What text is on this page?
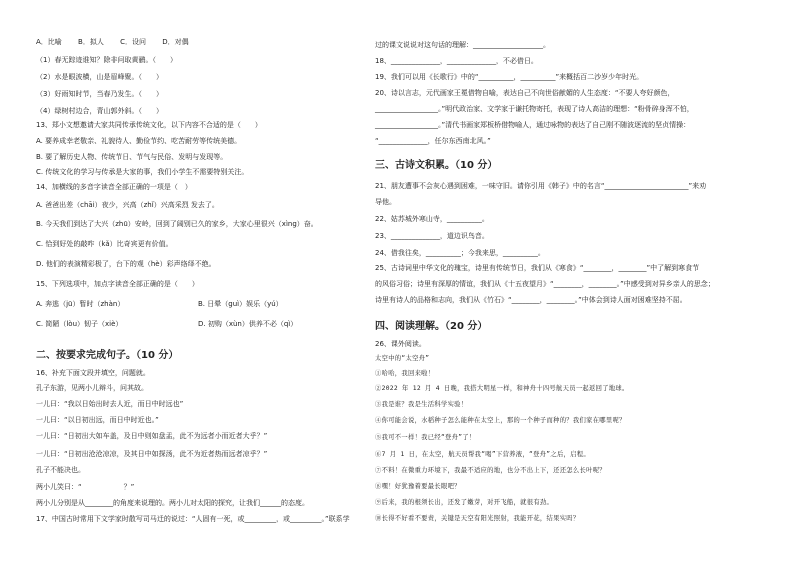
A．比喻 B．拟人 C．设问 D．对偶
（1）春无踪迹谁知？除非问取黄鹂。（　　）
（2）水是眼波横，山是眉峰聚。（　　）
（3）好雨知时节，当春乃发生。（　　）
（4）绿树村边合，青山郭外斜。（　　）
13、郑小文想邀请大家共同传承传统文化，以下内容不合适的是（　　）
A. 要养成幸老敬亲、礼貌待人、勤俭节约、吃苦耐劳等传统美德。
B. 要了解历史人物、传统节日、节气与民俗、发明与发现等。
C. 传统文化的学习与传承是大家的事，我们小学生不需要特别关注。
14、加横线的多音字读音全部正确的一项是（　）
A. 爸爸出差（chāi）夜少，兴高（zhǐ）兴高采烈 发去了。
B. 今天我们到达了大兴（zhū）安岭，回到了阔别已久的家乡，大家心里很兴（xìng）奋。
C. 恰到好处的敲咋（kǎ）比奇宾更有价值。
D. 他们的表演精彩极了，台下的观（hè）彩声络绎不绝。
15、下列选项中，加点字读音全部正确的是（　　）
A. 奔逃（jū）暂时（zhàn）	B. 日晕（guì）娱乐（yú）
C. 简陋（lòu）韧子（xiè）	D. 初购（xùn）供养不必（qì）
二、按要求完成句子。（10 分）
16、补充下面文段并填空，问题就。
孔子东游，见两小儿辩斗，问其故。
一儿曰：“我以日始出时去人近，而日中时远也”
一儿曰：“以日初出远，而日中时近也。”
一儿曰：“日初出大如车盖，及日中则如盘盂，此不为远者小而近者大乎？”
一儿曰：“日初出沧沧凉凉，及其日中如探汤，此不为近者热而远者凉乎？”
孔子不能决也。
两小儿笑曰：“　　　　　　？”
两小儿分别是从________的角度来说理的。两小儿对太阳的探究，让我们______的态度。
17、中国古时常用下文学家时散写司马迁的说过：“人固有一死，或_________，或_________。”联系学
过的课文说说对这句话的理解：____________________。
18、______________，______________，不必借日。
19、我们可以用《长歌行》中的“__________，__________”来概括百二沙岁少年时光。
20、诗以言志，元代画家王冕借物自喻，表达自己不向世俗献媚的人生态度：“不要人夸好颜色，
__________________。”明代政治家、文学家于谦托物寄托，表现了诗人高洁的理想：“粉骨碎身浑不怕，
__________________。”清代书画家郑板桥借物喻人，通过咏物的表达了自己刚不随波逐流的坚贞情操：
“______________，任尔东西南北风。”
三、古诗文积累。（10 分）
21、朋友遭事不会灰心遇到困难，一味守旧。请你引用《韩子》中的名言“________________________”来劝
导他。
22、姑苏城外寒山寺，__________。
23、______________，道边识鸟音。
24、借我往矣，__________；今我来思，__________。
25、古诗词里中华文化的瑰宝，诗里有传统节日，我们从《寒食》“________，________”中了解到寒食节
的风俗习俗；诗里有深厚的情谊，我们从《十五夜望月》“________，________。”中感受到对异乡亲人的思念；
诗里有诗人的品格和志向，我们从《竹石》“________，________。”中体会到诗人面对困难坚持不屈。
四、阅读理解。（20 分）
26、课外阅读。
太空中的“太空舟”
①哈哈，我回来啦！
②2022 年 12 月 4 日晚，我搭大明星一样，和神舟十四号航天员一起返回了地球。
③我是谁？我是生活科学实验！
④你可能会说，水稻种子怎么能种在太空上，那的一个种子而种的？我们家在哪里呢？
⑤我可不一样！我已经“登舟”了！
⑥7 月 1 日，在太空，航天员帮我“喝”下营养液，“登舟”之后，启程。
⑦不料！在微重力环境下，我最不适应的地，也分不出上下，还还怎么长叶呢？
⑧嘿！好犹豫着要最长眼吧？
⑨后来，我的根须长出，还发了嫩芽，对开飞船，就很有劲。
⑩长得不好看不要责，关键是天空有阳光照射，我能开花，结果实吗？
